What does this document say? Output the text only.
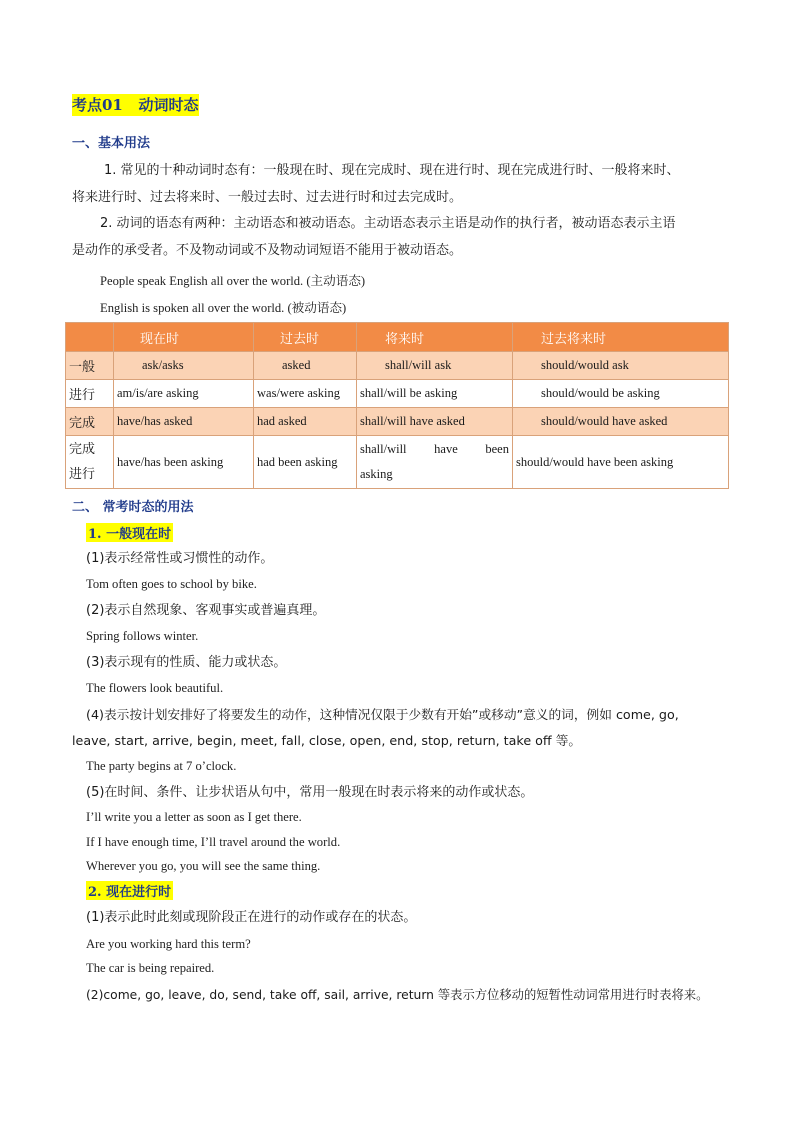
考点01 动词时态
一、基本用法
1. 常见的十种动词时态有：一般现在时、现在完成时、现在进行时、现在完成进行时、一般将来时、
将来进行时、过去将来时、一般过去时、过去进行时和过去完成时。
2. 动词的语态有两种：主动语态和被动语态。主动语态表示主语是动作的执行者，被动语态表示主语
是动作的承受者。不及物动词或不及物动词短语不能用于被动语态。
People speak English all over the world. (主动语态)
English is spoken all over the world. (被动语态)
	现在时	过去时	将来时	过去将来时
一般	ask/asks	asked	shall/will ask	should/would ask
进行	am/is/are asking	was/were asking	shall/will be asking	should/would be asking
完成	have/has asked	had asked	shall/will have asked	should/would have asked
完成
进行	have/has been asking	had been asking	shall/will have been asking	should/would have been asking
二、 常考时态的用法
1. 一般现在时
(1)表示经常性或习惯性的动作。
Tom often goes to school by bike.
(2)表示自然现象、客观事实或普遍真理。
Spring follows winter.
(3)表示现有的性质、能力或状态。
The flowers look beautiful.
(4)表示按计划安排好了将要发生的动作，这种情况仅限于少数有开始”或移动”意义的词，例如 come, go,
leave, start, arrive, begin, meet, fall, close, open, end, stop, return, take off 等。
The party begins at 7 o’clock.
(5)在时间、条件、让步状语从句中，常用一般现在时表示将来的动作或状态。
I’ll write you a letter as soon as I get there.
If I have enough time, I’ll travel around the world.
Wherever you go, you will see the same thing.
2. 现在进行时
(1)表示此时此刻或现阶段正在进行的动作或存在的状态。
Are you working hard this term?
The car is being repaired.
(2)come, go, leave, do, send, take off, sail, arrive, return 等表示方位移动的短暂性动词常用进行时表将来。
